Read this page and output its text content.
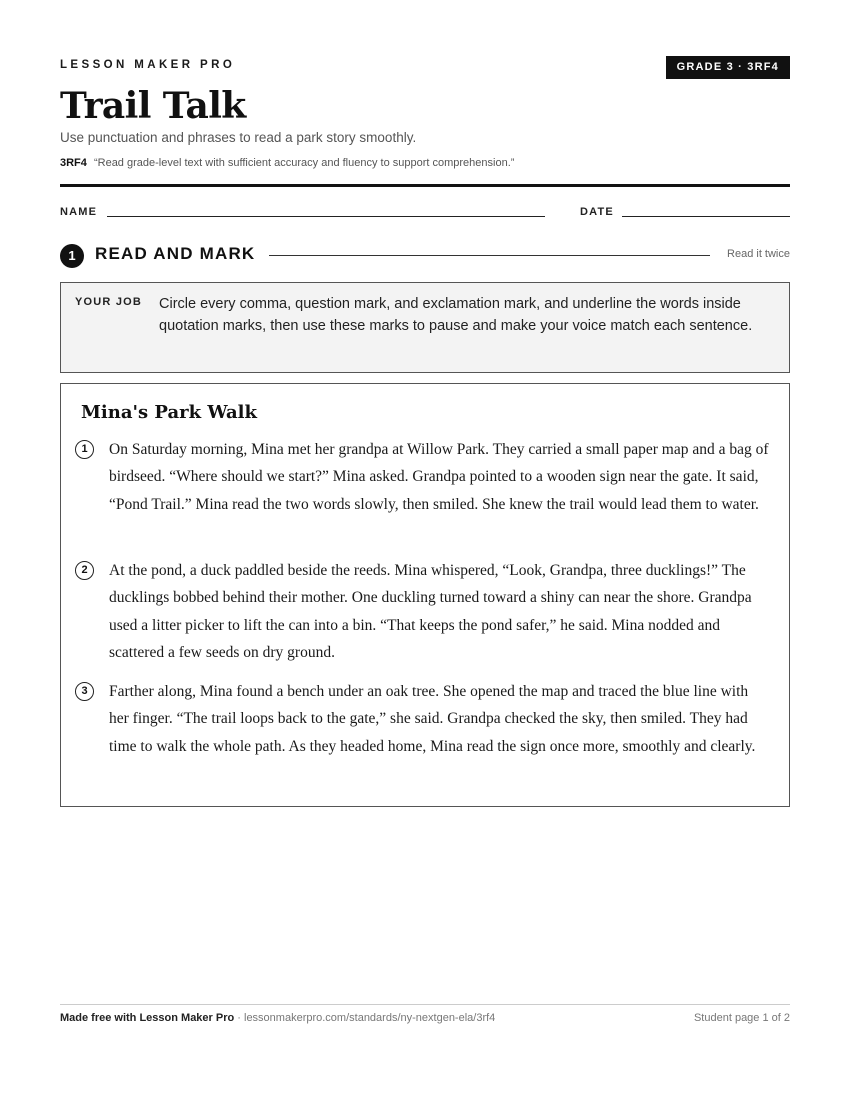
LESSON MAKER PRO	GRADE 3 · 3RF4
Trail Talk
Use punctuation and phrases to read a park story smoothly.
3RF4 “Read grade-level text with sufficient accuracy and fluency to support comprehension.”
NAME	DATE
1	READ AND MARK	Read it twice
YOUR JOB Circle every comma, question mark, and exclamation mark, and underline the words inside quotation marks, then use these marks to pause and make your voice match each sentence.
Mina's Park Walk
1	On Saturday morning, Mina met her grandpa at Willow Park. They carried a small paper map and a bag of birdseed. “Where should we start?” Mina asked. Grandpa pointed to a wooden sign near the gate. It said, “Pond Trail.” Mina read the two words slowly, then smiled. She knew the trail would lead them to water.
2	At the pond, a duck paddled beside the reeds. Mina whispered, “Look, Grandpa, three ducklings!” The ducklings bobbed behind their mother. One duckling turned toward a shiny can near the shore. Grandpa used a litter picker to lift the can into a bin. “That keeps the pond safer,” he said. Mina nodded and scattered a few seeds on dry ground.
3	Farther along, Mina found a bench under an oak tree. She opened the map and traced the blue line with her finger. “The trail loops back to the gate,” she said. Grandpa checked the sky, then smiled. They had time to walk the whole path. As they headed home, Mina read the sign once more, smoothly and clearly.
Made free with Lesson Maker Pro · lessonmakerpro.com/standards/ny-nextgen-ela/3rf4	Student page 1 of 2
